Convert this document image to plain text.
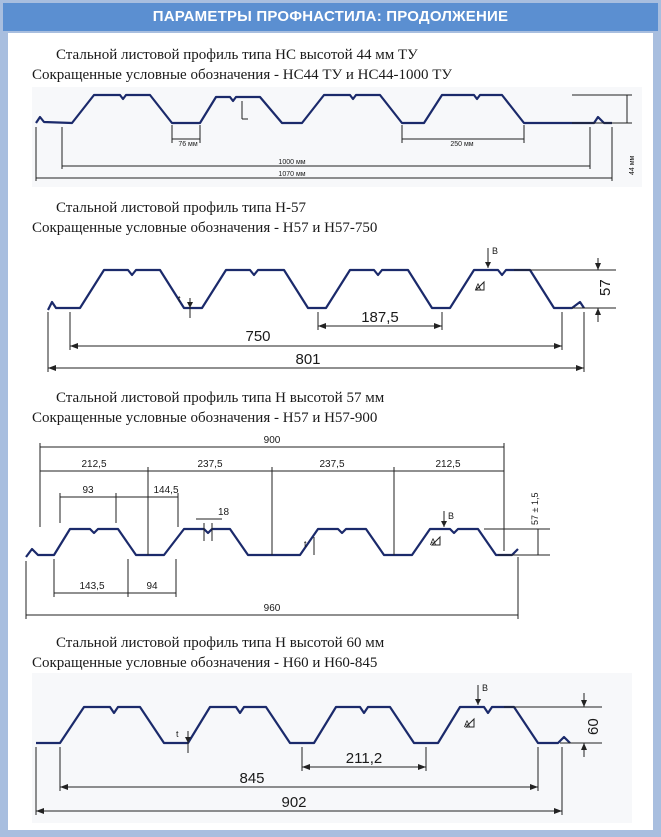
ПАРАМЕТРЫ ПРОФНАСТИЛА: ПРОДОЛЖЕНИЕ
Стальной листовой профиль типа НС высотой 44 мм ТУ
Сокращенные условные обозначения - НС44 ТУ и НС44-1000 ТУ
1000 мм
1070 мм
76 мм	250 мм
44 мм
Стальной листовой профиль типа Н-57
Сокращенные условные обозначения - Н57 и Н57-750
187,5
750
801
57
t
B
A
Стальной листовой профиль типа Н высотой 57 мм
Сокращенные условные обозначения - Н57 и Н57-900
900
212,5	237,5	237,5	212,5
93	144,5
18
143,5	94
960
57 ± 1,5
t
B
A
Стальной листовой профиль типа Н высотой 60 мм
Сокращенные условные обозначения - Н60 и Н60-845
211,2
845
902
60
t
B
A
